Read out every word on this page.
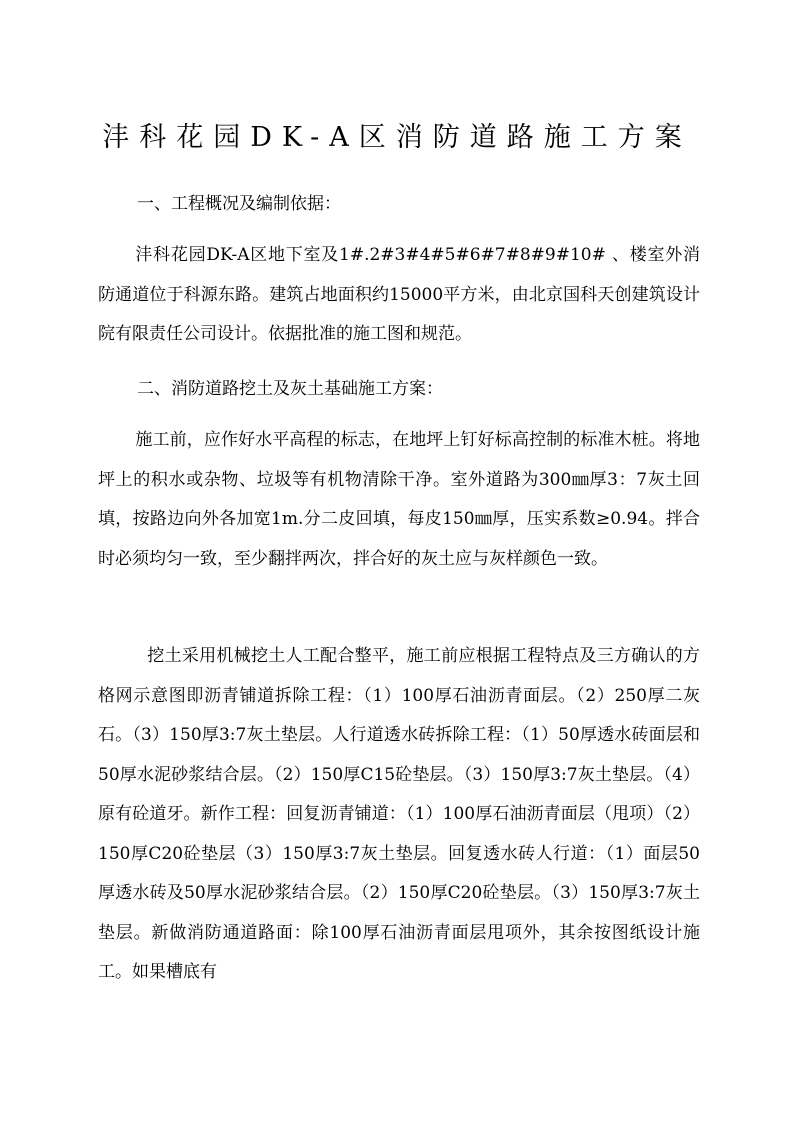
沣科花园DK-A区消防道路施工方案
一、工程概况及编制依据：
沣科花园DK-A区地下室及1#.2#3#4#5#6#7#8#9#10# 、楼室外消防通道位于科源东路。建筑占地面积约15000平方米，由北京国科天创建筑设计院有限责任公司设计。依据批准的施工图和规范。
二、消防道路挖土及灰土基础施工方案：
施工前，应作好水平高程的标志，在地坪上钉好标高控制的标准木桩。将地坪上的积水或杂物、垃圾等有机物清除干净。室外道路为300㎜厚3：7灰土回填，按路边向外各加宽1m.分二皮回填，每皮150㎜厚，压实系数≥0.94。拌合时必须均匀一致，至少翻拌两次，拌合好的灰土应与灰样颜色一致。
挖土采用机械挖土人工配合整平，施工前应根据工程特点及三方确认的方格网示意图即沥青铺道拆除工程：（1）100厚石油沥青面层。（2）250厚二灰石。（3）150厚3:7灰土垫层。人行道透水砖拆除工程：（1）50厚透水砖面层和50厚水泥砂浆结合层。（2）150厚C15砼垫层。（3）150厚3:7灰土垫层。（4）原有砼道牙。新作工程：回复沥青铺道：（1）100厚石油沥青面层（甩项）（2）150厚C20砼垫层（3）150厚3:7灰土垫层。回复透水砖人行道：（1）面层50厚透水砖及50厚水泥砂浆结合层。（2）150厚C20砼垫层。（3）150厚3:7灰土垫层。新做消防通道路面：除100厚石油沥青面层甩项外，其余按图纸设计施工。如果槽底有
